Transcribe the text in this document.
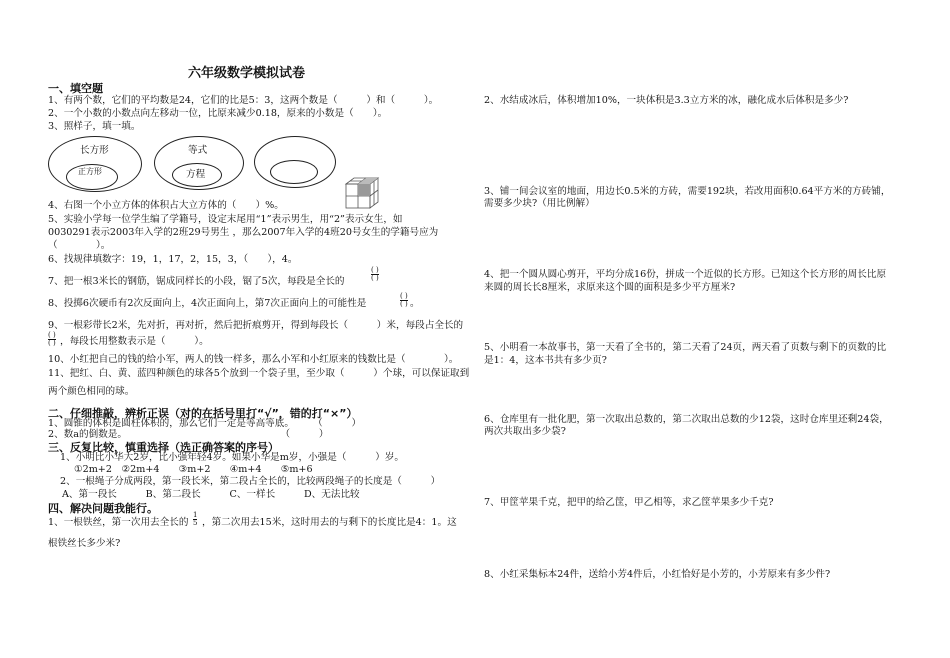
六年级数学模拟试卷
一、填空题
1、有两个数，它们的平均数是24，它们的比是5：3，这两个数是（　　　）和（　　　）。
2、一个小数的小数点向左移动一位，比原来减少0.18，原来的小数是（　　）。
3、照样子，填一填。
长方形
正方形
等式
方程
4、右图一个小立方体的体积占大立方体的（　　）%。
5、实验小学每一位学生编了学籍号，设定末尾用“1”表示男生，用“2”表示女生，如
0030291表示2003年入学的2班29号男生 ，那么2007年入学的4班20号女生的学籍号应为
（　　　　）。
6、找规律填数字：19，1，17，2，15，3，（　　），4。
7、把一根3米长的钢筋，锯成同样长的小段，锯了5次，每段是全长的
( )
( )
8、投掷6次硬币有2次反面向上，4次正面向上，第7次正面向上的可能性是
( )
( ) 。
9、一根彩带长2米，先对折，再对折，然后把折痕剪开，得到每段长（　　　）米，每段占全长的
( )
( ) ，每段长用整数表示是（　　　）。
10、小红把自己的钱的给小军，两人的钱一样多，那么小军和小红原来的钱数比是（　　　　）。
11、把红、白、黄、蓝四种颜色的球各5个放到一个袋子里，至少取（　　　）个球，可以保证取到
两个颜色相同的球。
二、仔细推敲，辨析正误（对的在括号里打“√”，错的打“×”）
1、圆锥的体积是圆柱体积的，那么它们一定是等高等底。　　　（　　　）
2、数a的倒数是。　　　　　　　　　　　　　　　　　（　　　）
三、反复比较，慎重选择（选正确答案的序号）
1、小明比小华大2岁，比小强年轻4岁。如果小华是m岁，小强是（　　　）岁。
①2m+2　②2m+4　　③m+2　　④m+4　　⑤m+6
2、一根绳子分成两段，第一段长米，第二段占全长的，比较两段绳子的长度是（　　　）
A、第一段长　　　B、第二段长　　　C、一样长　　　D、无法比较
四、解决问题我能行。
1、一根铁丝，第一次用去全长的 $\frac{1}{5}$ ，第二次用去15米，这时用去的与剩下的长度比是4：1。这
根铁丝长多少米?
2、水结成冰后，体积增加10%，一块体积是3.3立方米的冰，融化成水后体积是多少?
3、铺一间会议室的地面，用边长0.5米的方砖，需要192块，若改用面积0.64平方米的方砖铺，
需要多少块?（用比例解）
4、把一个圆从圆心剪开，平均分成16份，拼成一个近似的长方形。已知这个长方形的周长比原
来圆的周长长8厘米，求原来这个圆的面积是多少平方厘米?
5、小明看一本故事书，第一天看了全书的，第二天看了24页，两天看了页数与剩下的页数的比
是1：4，这本书共有多少页?
6、仓库里有一批化肥，第一次取出总数的，第二次取出总数的少12袋，这时仓库里还剩24袋，
两次共取出多少袋?
7、甲筐苹果千克，把甲的给乙筐，甲乙相等，求乙筐苹果多少千克?
8、小红采集标本24件，送给小芳4件后，小红恰好是小芳的，小芳原来有多少件?
